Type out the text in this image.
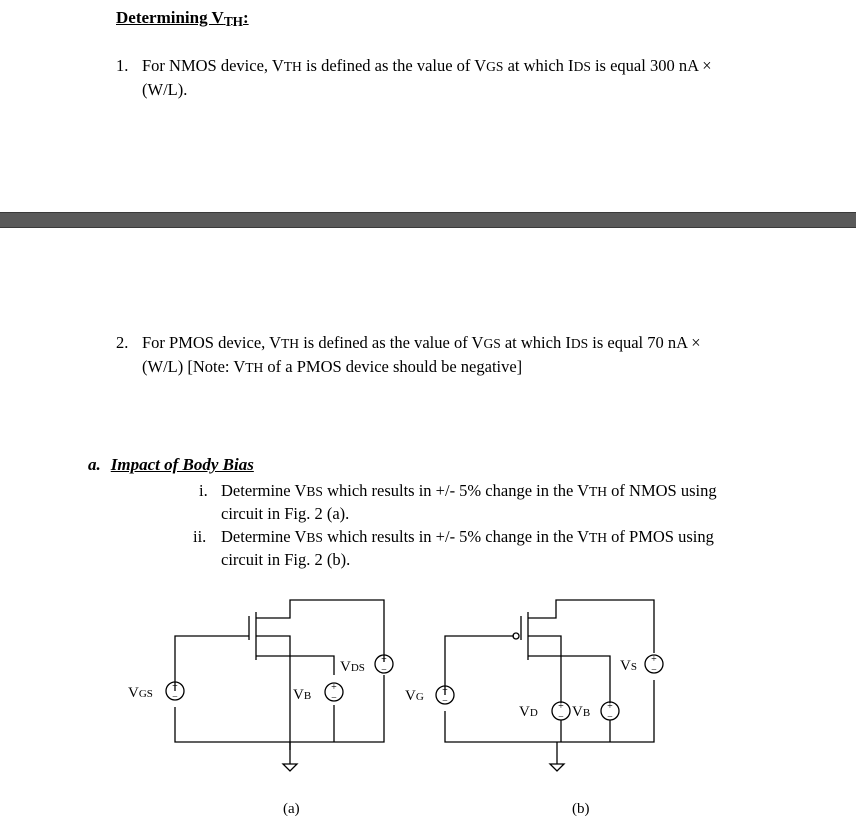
Determining $V_{TH}$:
1. For NMOS device, VTH is defined as the value of VGS at which IDS is equal 300 nA ×
(W/L).
2. For PMOS device, VTH is defined as the value of VGS at which IDS is equal 70 nA ×
(W/L) [Note: VTH of a PMOS device should be negative]
a. Impact of Body Bias
i. Determine VBS which results in +/- 5% change in the VTH of NMOS using
circuit in Fig. 2 (a).
ii. Determine VBS which results in +/- 5% change in the VTH of PMOS using
circuit in Fig. 2 (b).
+
−
+
−
+
−
+
−	+
−
+
−
+
−
VGS	VB
VDS
(a)
VG
VD VB
VS
(b)
